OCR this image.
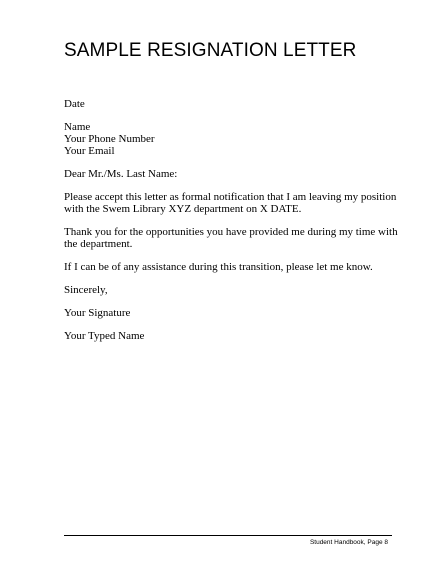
SAMPLE RESIGNATION LETTER
Date
Name
Your Phone Number
Your Email
Dear Mr./Ms. Last Name:
Please accept this letter as formal notification that I am leaving my position
with the Swem Library XYZ department on X DATE.
Thank you for the opportunities you have provided me during my time with
the department.
If I can be of any assistance during this transition, please let me know.
Sincerely,
Your Signature
Your Typed Name
Student Handbook, Page 8
